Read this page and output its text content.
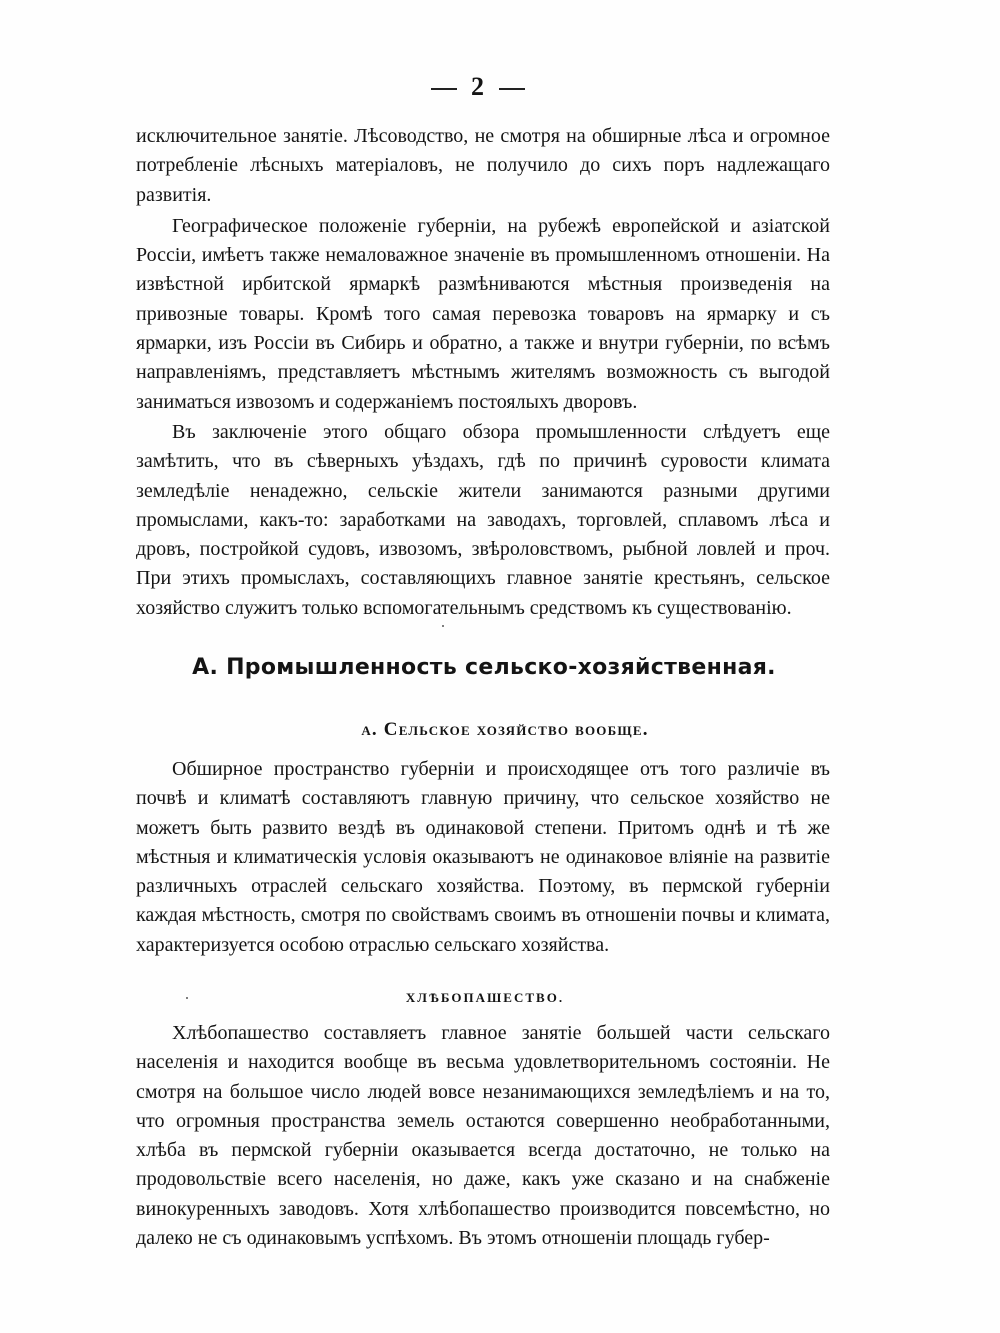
2

исключительное занятіе. Лѣсоводство, не смотря на обширные лѣса и огромное потребленіе лѣсныхъ матеріаловъ, не получило до сихъ поръ надлежащаго развитія.

Географическое положеніе губерніи, на рубежѣ европейской и азіатской Россіи, имѣетъ также немаловажное значеніе въ промышленномъ отношеніи. На извѣстной ирбитской ярмаркѣ размѣниваются мѣстныя произведенія на привозные товары. Кромѣ того самая перевозка товаровъ на ярмарку и съ ярмарки, изъ Россіи въ Сибирь и обратно, а также и внутри губерніи, по всѣмъ направленіямъ, представляетъ мѣстнымъ жителямъ возможность съ выгодой заниматься извозомъ и содержаніемъ постоялыхъ дворовъ.

Въ заключеніе этого общаго обзора промышленности слѣдуетъ еще замѣтить, что въ сѣверныхъ уѣздахъ, гдѣ по причинѣ суровости климата земледѣліе ненадежно, сельскіе жители занимаются разными другими промыслами, какъ-то: заработками на заводахъ, торговлей, сплавомъ лѣса и дровъ, постройкой судовъ, извозомъ, звѣроловствомъ, рыбной ловлей и проч. При этихъ промыслахъ, составляющихъ главное занятіе крестьянъ, сельское хозяйство служитъ только вспомогательнымъ средствомъ къ существованію.

А. Промышленность сельско-хозяйственная.
а. Сельское хозяйство вообще.

Обширное пространство губерніи и происходящее отъ того различіе въ почвѣ и климатѣ составляютъ главную причину, что сельское хозяйство не можетъ быть развито вездѣ въ одинаковой степени. Притомъ однѣ и тѣ же мѣстныя и климатическія условія оказываютъ не одинаковое вліяніе на развитіе различныхъ отраслей сельскаго хозяйства. Поэтому, въ пермской губерніи каждая мѣстность, смотря по свойствамъ своимъ въ отношеніи почвы и климата, характеризуется особою отраслью сельскаго хозяйства.

ХЛѢБОПАШЕСТВО.

Хлѣбопашество составляетъ главное занятіе большей части сельскаго населенія и находится вообще въ весьма удовлетворительномъ состояніи. Не смотря на большое число людей вовсе незанимающихся земледѣліемъ и на то, что огромныя пространства земель остаются совершенно необработанными, хлѣба въ пермской губерніи оказывается всегда достаточно, не только на продовольствіе всего населенія, но даже, какъ уже сказано и на снабженіе винокуренныхъ заводовъ. Хотя хлѣбопашество производится повсемѣстно, но далеко не съ одинаковымъ успѣхомъ. Въ этомъ отношеніи площадь губер-
